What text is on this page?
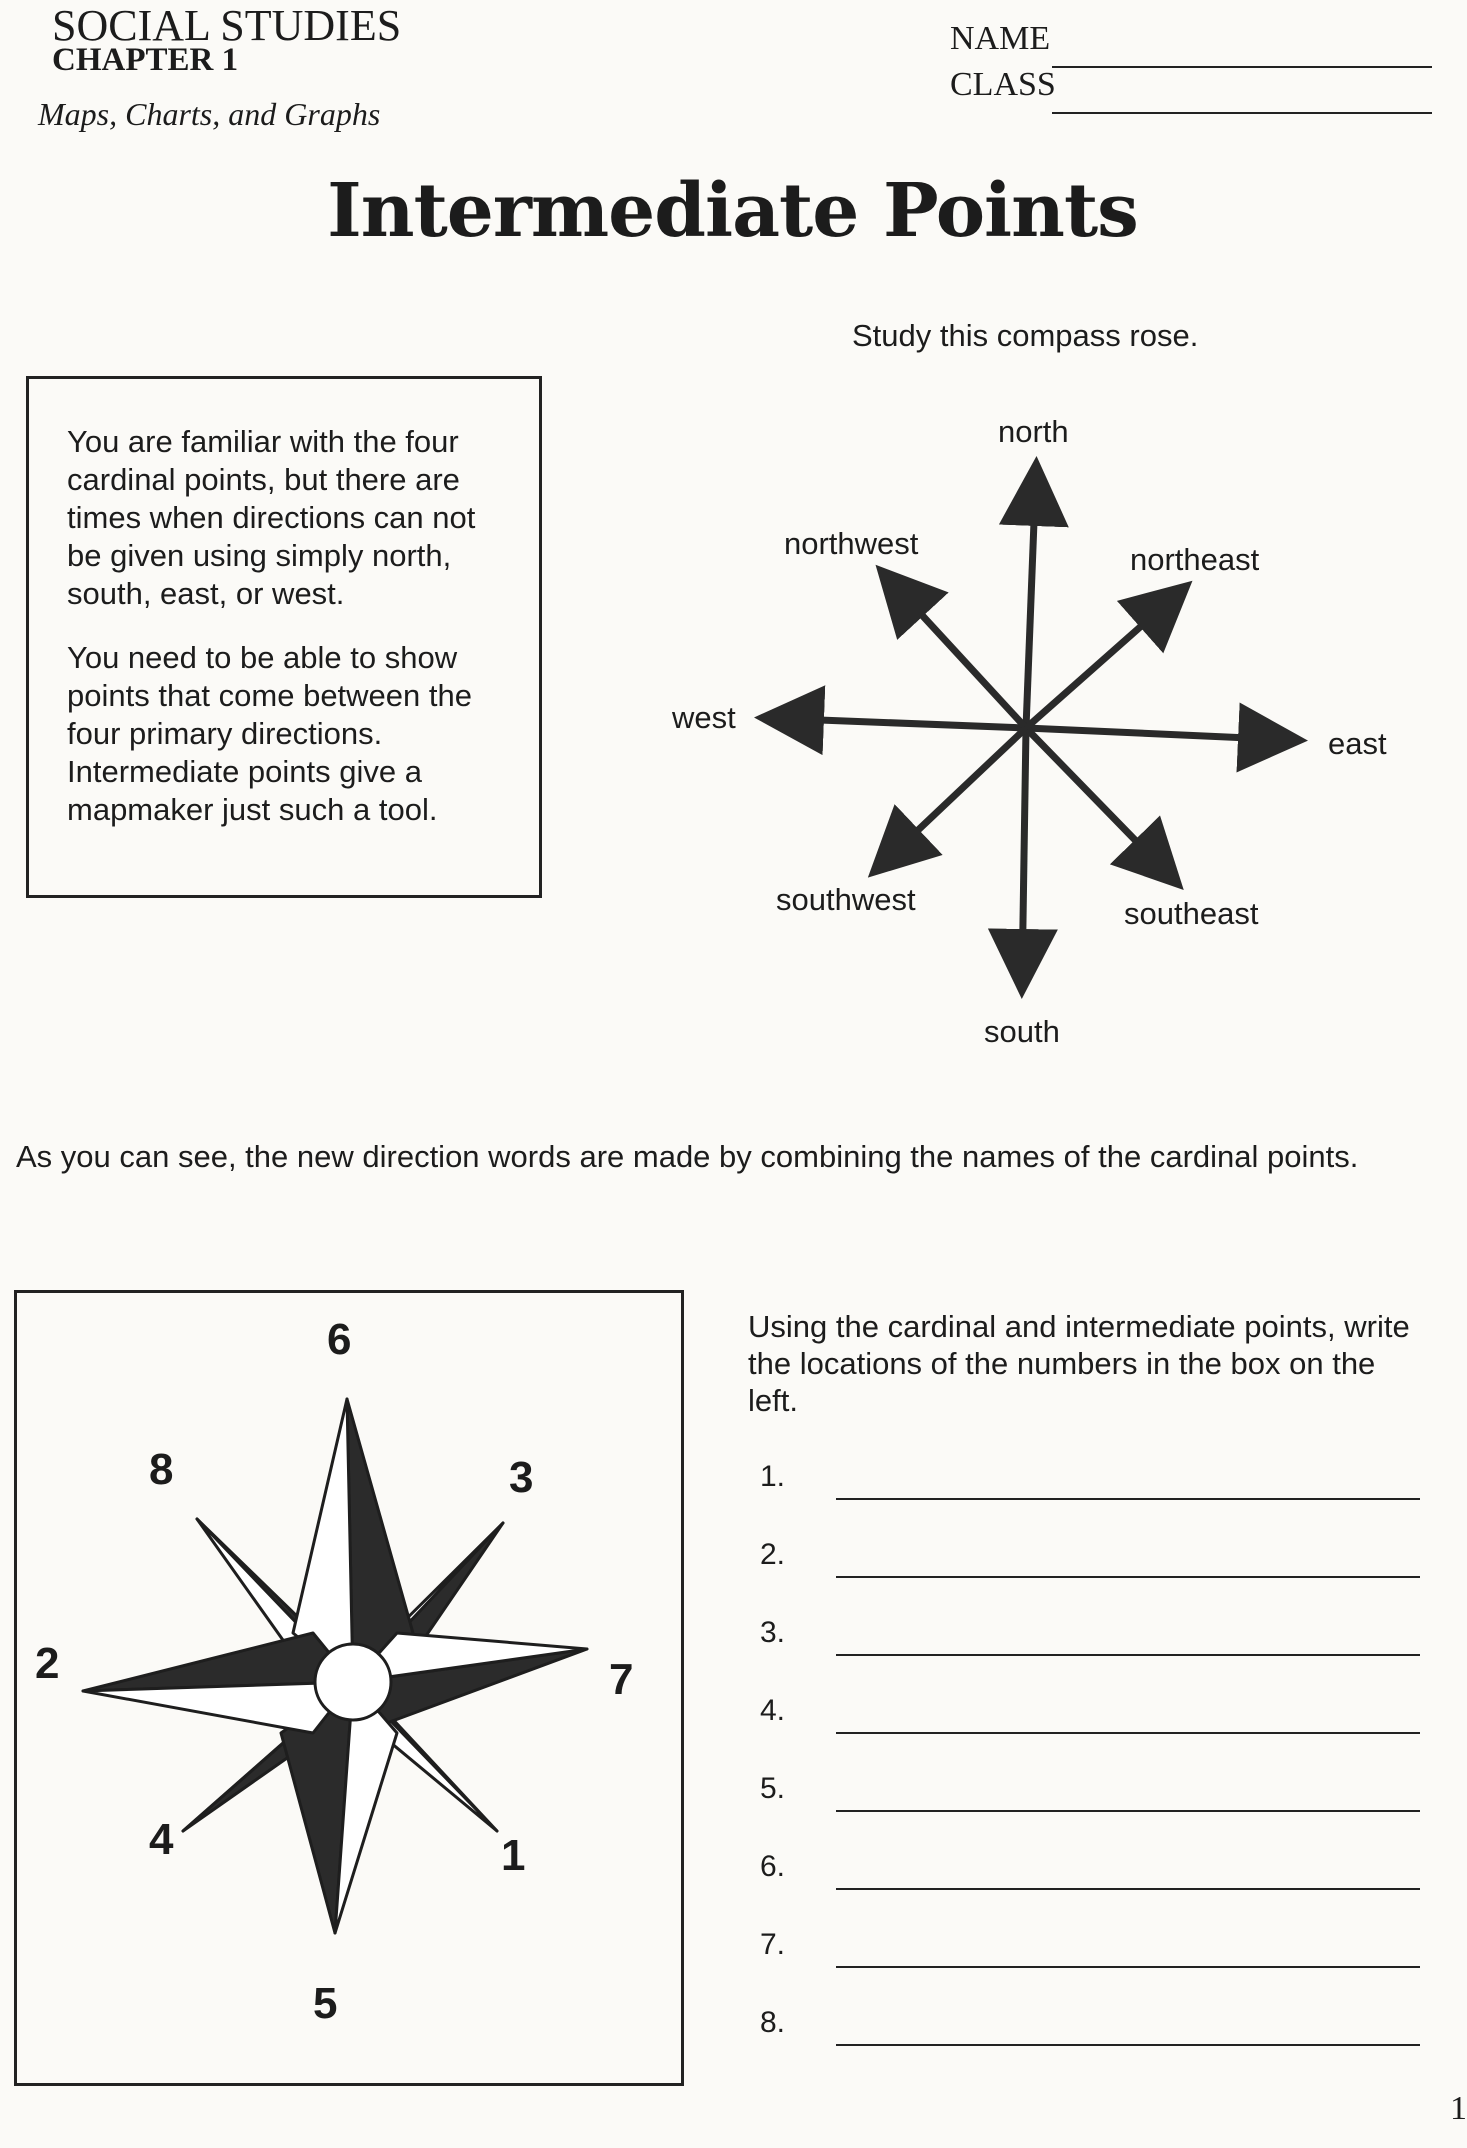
SOCIAL STUDIES
CHAPTER 1
Maps, Charts, and Graphs
NAME
CLASS
Intermediate Points

You are familiar with the four cardinal points, but there are times when directions can not be given using simply north, south, east, or west.

You need to be able to show points that come between the four primary directions. Intermediate points give a mapmaker just such a tool.

Study this compass rose.
north
northwest	northeast
west
east
southwest	southeast
south
As you can see, the new direction words are made by combining the names of the cardinal points.
6
8	3
2	7
4	1
5
Using the cardinal and intermediate points, write the locations of the numbers in the box on the left.
1.
2.
3.
4.
5.
6.
7.
8.
1
